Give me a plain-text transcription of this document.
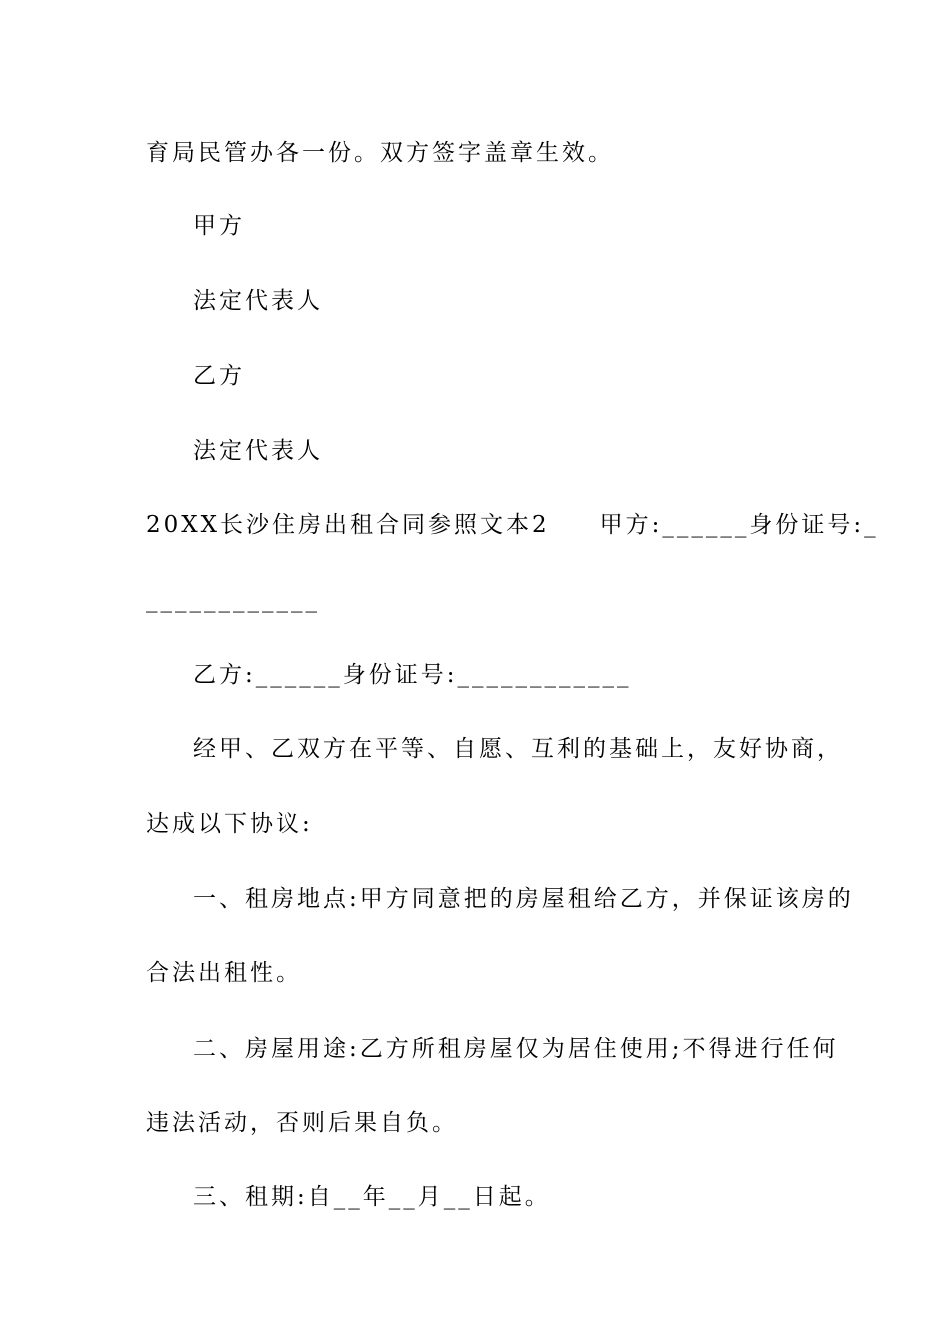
育局民管办各一份。双方签字盖章生效。
甲方
法定代表人
乙方
法定代表人
20XX长沙住房出租合同参照文本2 甲方:______身份证号:_
____________
乙方:______身份证号:____________
经甲、乙双方在平等、自愿、互利的基础上，友好协商，
达成以下协议:
一、租房地点:甲方同意把的房屋租给乙方，并保证该房的
合法出租性。
二、房屋用途:乙方所租房屋仅为居住使用;不得进行任何
违法活动，否则后果自负。
三、租期:自__年__月__日起。
